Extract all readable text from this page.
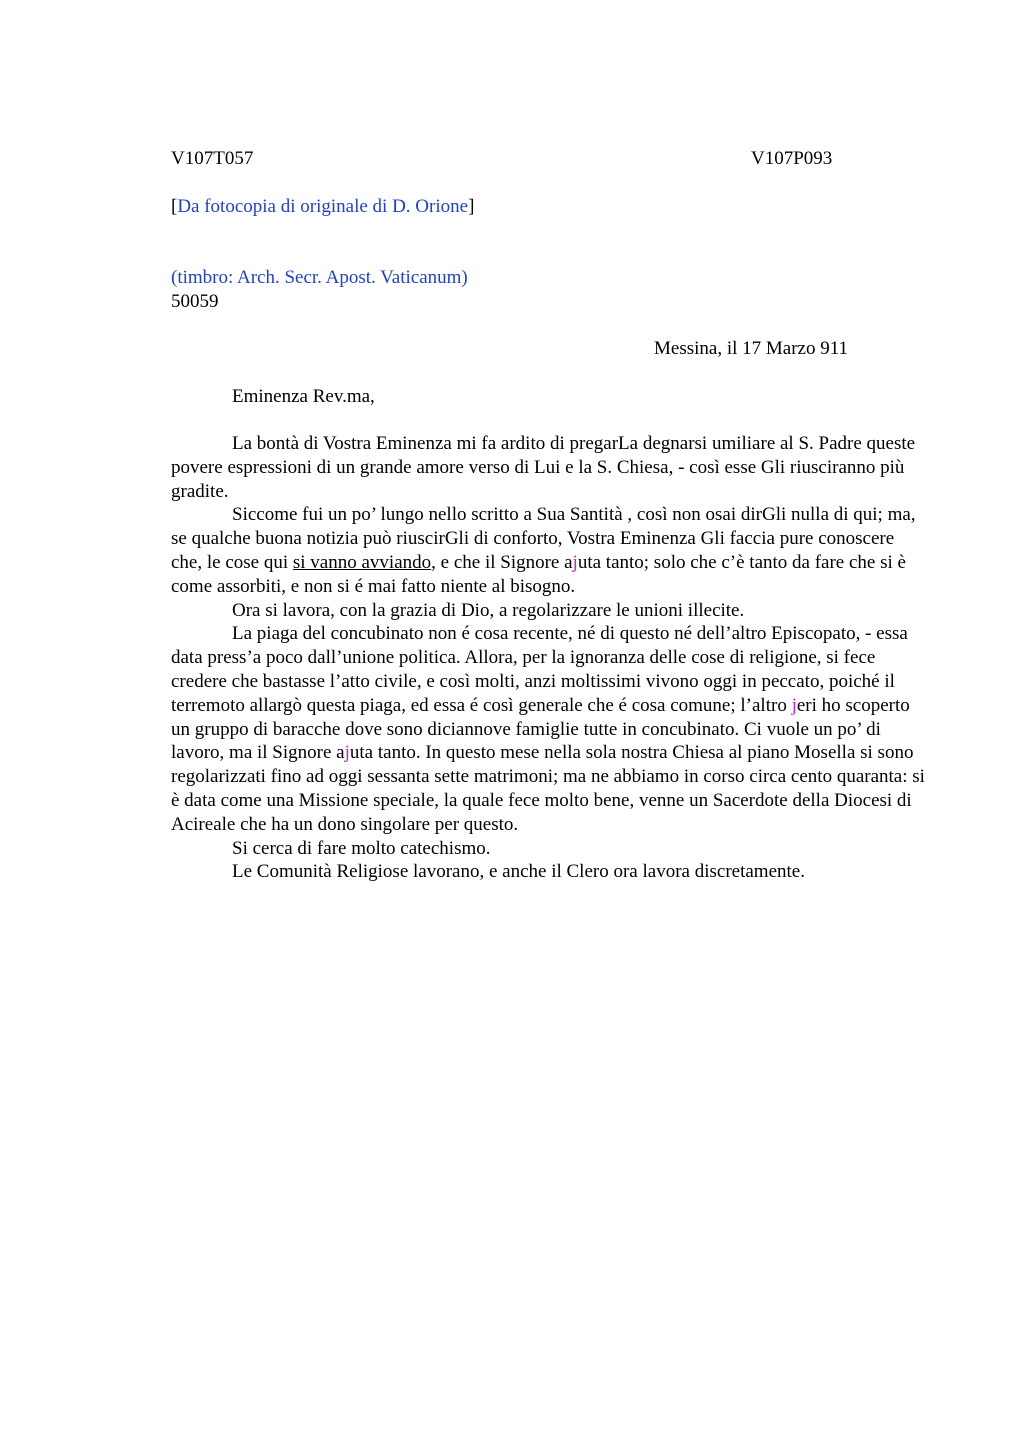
V107T057	V107P093
[Da fotocopia di originale di D. Orione]
(timbro: Arch. Secr. Apost. Vaticanum)
50059
Messina, il 17 Marzo 911
Eminenza Rev.ma,

La bontà di Vostra Eminenza mi fa ardito di pregarLa degnarsi umiliare al S. Padre queste povere espressioni di un grande amore verso di Lui e la S. Chiesa, - così esse Gli riusciranno più gradite.

Siccome fui un po’ lungo nello scritto a Sua Santità , così non osai dirGli nulla di qui; ma, se qualche buona notizia può riuscirGli di conforto, Vostra Eminenza Gli faccia pure conoscere che, le cose qui si vanno avviando, e che il Signore ajuta tanto; solo che c’è tanto da fare che si è come assorbiti, e non si é mai fatto niente al bisogno.

Ora si lavora, con la grazia di Dio, a regolarizzare le unioni illecite.

La piaga del concubinato non é cosa recente, né di questo né dell’altro Episcopato, - essa data press’a poco dall’unione politica. Allora, per la ignoranza delle cose di religione, si fece credere che bastasse l’atto civile, e così molti, anzi moltissimi vivono oggi in peccato, poiché il terremoto allargò questa piaga, ed essa é così generale che é cosa comune; l’altro jeri ho scoperto un gruppo di baracche dove sono diciannove famiglie tutte in concubinato. Ci vuole un po’ di lavoro, ma il Signore ajuta tanto. In questo mese nella sola nostra Chiesa al piano Mosella si sono regolarizzati fino ad oggi sessanta sette matrimoni; ma ne abbiamo in corso circa cento quaranta: si è data come una Missione speciale, la quale fece molto bene, venne un Sacerdote della Diocesi di Acireale che ha un dono singolare per questo.

Si cerca di fare molto catechismo.

Le Comunità Religiose lavorano, e anche il Clero ora lavora discretamente.
